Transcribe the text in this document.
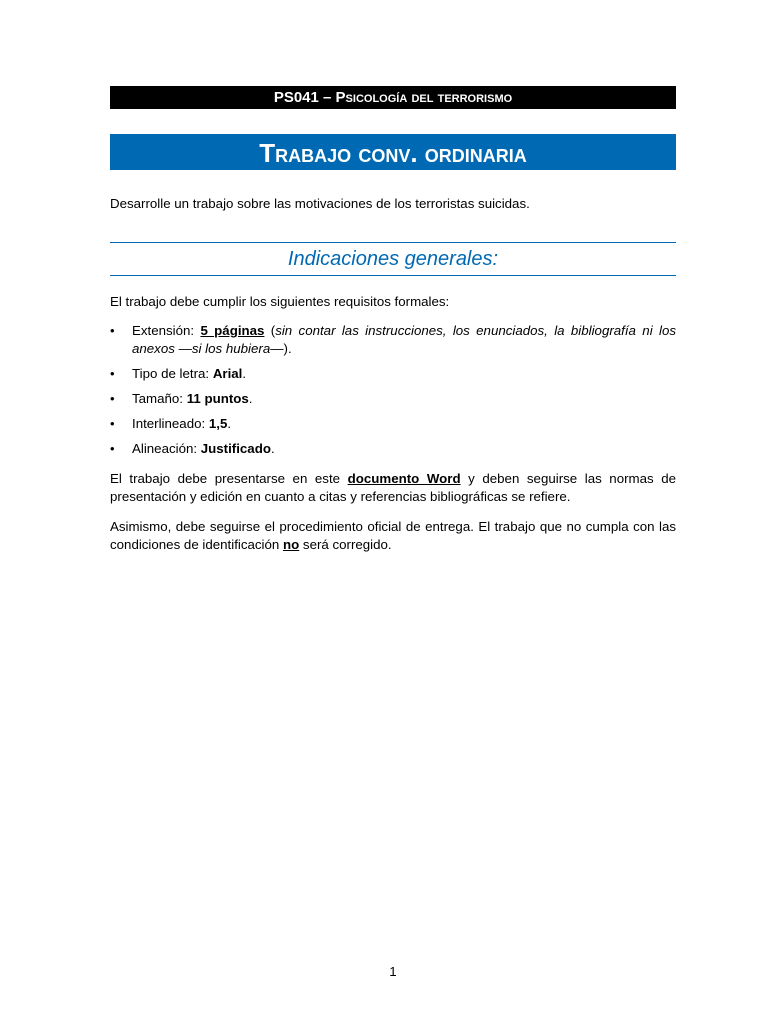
PS041 – Psicología del terrorismo
Trabajo conv. ordinaria

Desarrolle un trabajo sobre las motivaciones de los terroristas suicidas.

Indicaciones generales:

El trabajo debe cumplir los siguientes requisitos formales:

• Extensión: 5 páginas (sin contar las instrucciones, los enunciados, la bibliografía ni los anexos —si los hubiera—).
• Tipo de letra: Arial.
• Tamaño: 11 puntos.
• Interlineado: 1,5.
• Alineación: Justificado.

El trabajo debe presentarse en este documento Word y deben seguirse las normas de presentación y edición en cuanto a citas y referencias bibliográficas se refiere.

Asimismo, debe seguirse el procedimiento oficial de entrega. El trabajo que no cumpla con las condiciones de identificación no será corregido.

1
